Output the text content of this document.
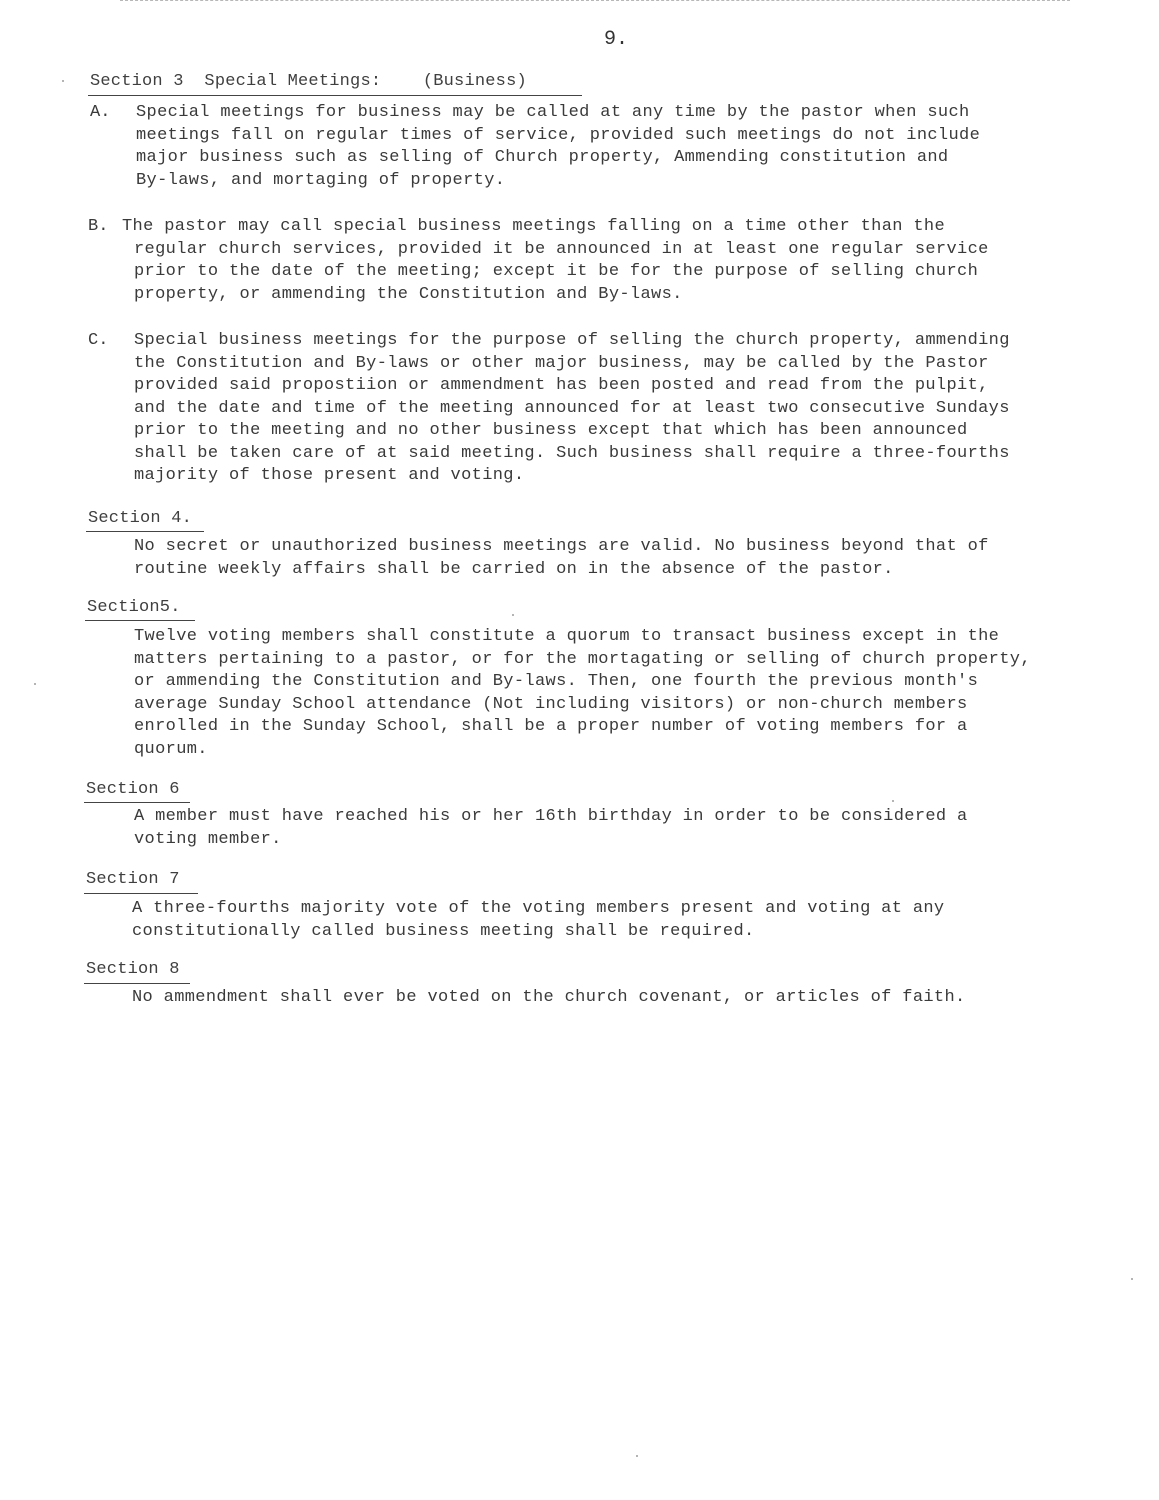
9.
Section 3  Special Meetings:    (Business)
A. Special meetings for business may be called at any time by the pastor when such
meetings fall on regular times of service, provided such meetings do not include
major business such as selling of Church property, Ammending constitution and
By-laws, and mortaging of property.
B. The pastor may call special business meetings falling on a time other than the
regular church services, provided it be announced in at least one regular service
prior to the date of the meeting; except it be for the purpose of selling church
property, or ammending the Constitution and By-laws.
C. Special business meetings for the purpose of selling the church property, ammending
the Constitution and By-laws or other major business, may be called by the Pastor
provided said propostiion or ammendment has been posted and read from the pulpit,
and the date and time of the meeting announced for at least two consecutive Sundays
prior to the meeting and no other business except that which has been announced
shall be taken care of at said meeting. Such business shall require a three-fourths
majority of those present and voting.
Section 4.
No secret or unauthorized business meetings are valid. No business beyond that of
routine weekly affairs shall be carried on in the absence of the pastor.
Section5.
Twelve voting members shall constitute a quorum to transact business except in the
matters pertaining to a pastor, or for the mortagating or selling of church property,
or ammending the Constitution and By-laws. Then, one fourth the previous month's
average Sunday School attendance (Not including visitors) or non-church members
enrolled in the Sunday School, shall be a proper number of voting members for a
quorum.
Section 6
A member must have reached his or her 16th birthday in order to be considered a
voting member.
Section 7
A three-fourths majority vote of the voting members present and voting at any
constitutionally called business meeting shall be required.
Section 8
No ammendment shall ever be voted on the church covenant, or articles of faith.
